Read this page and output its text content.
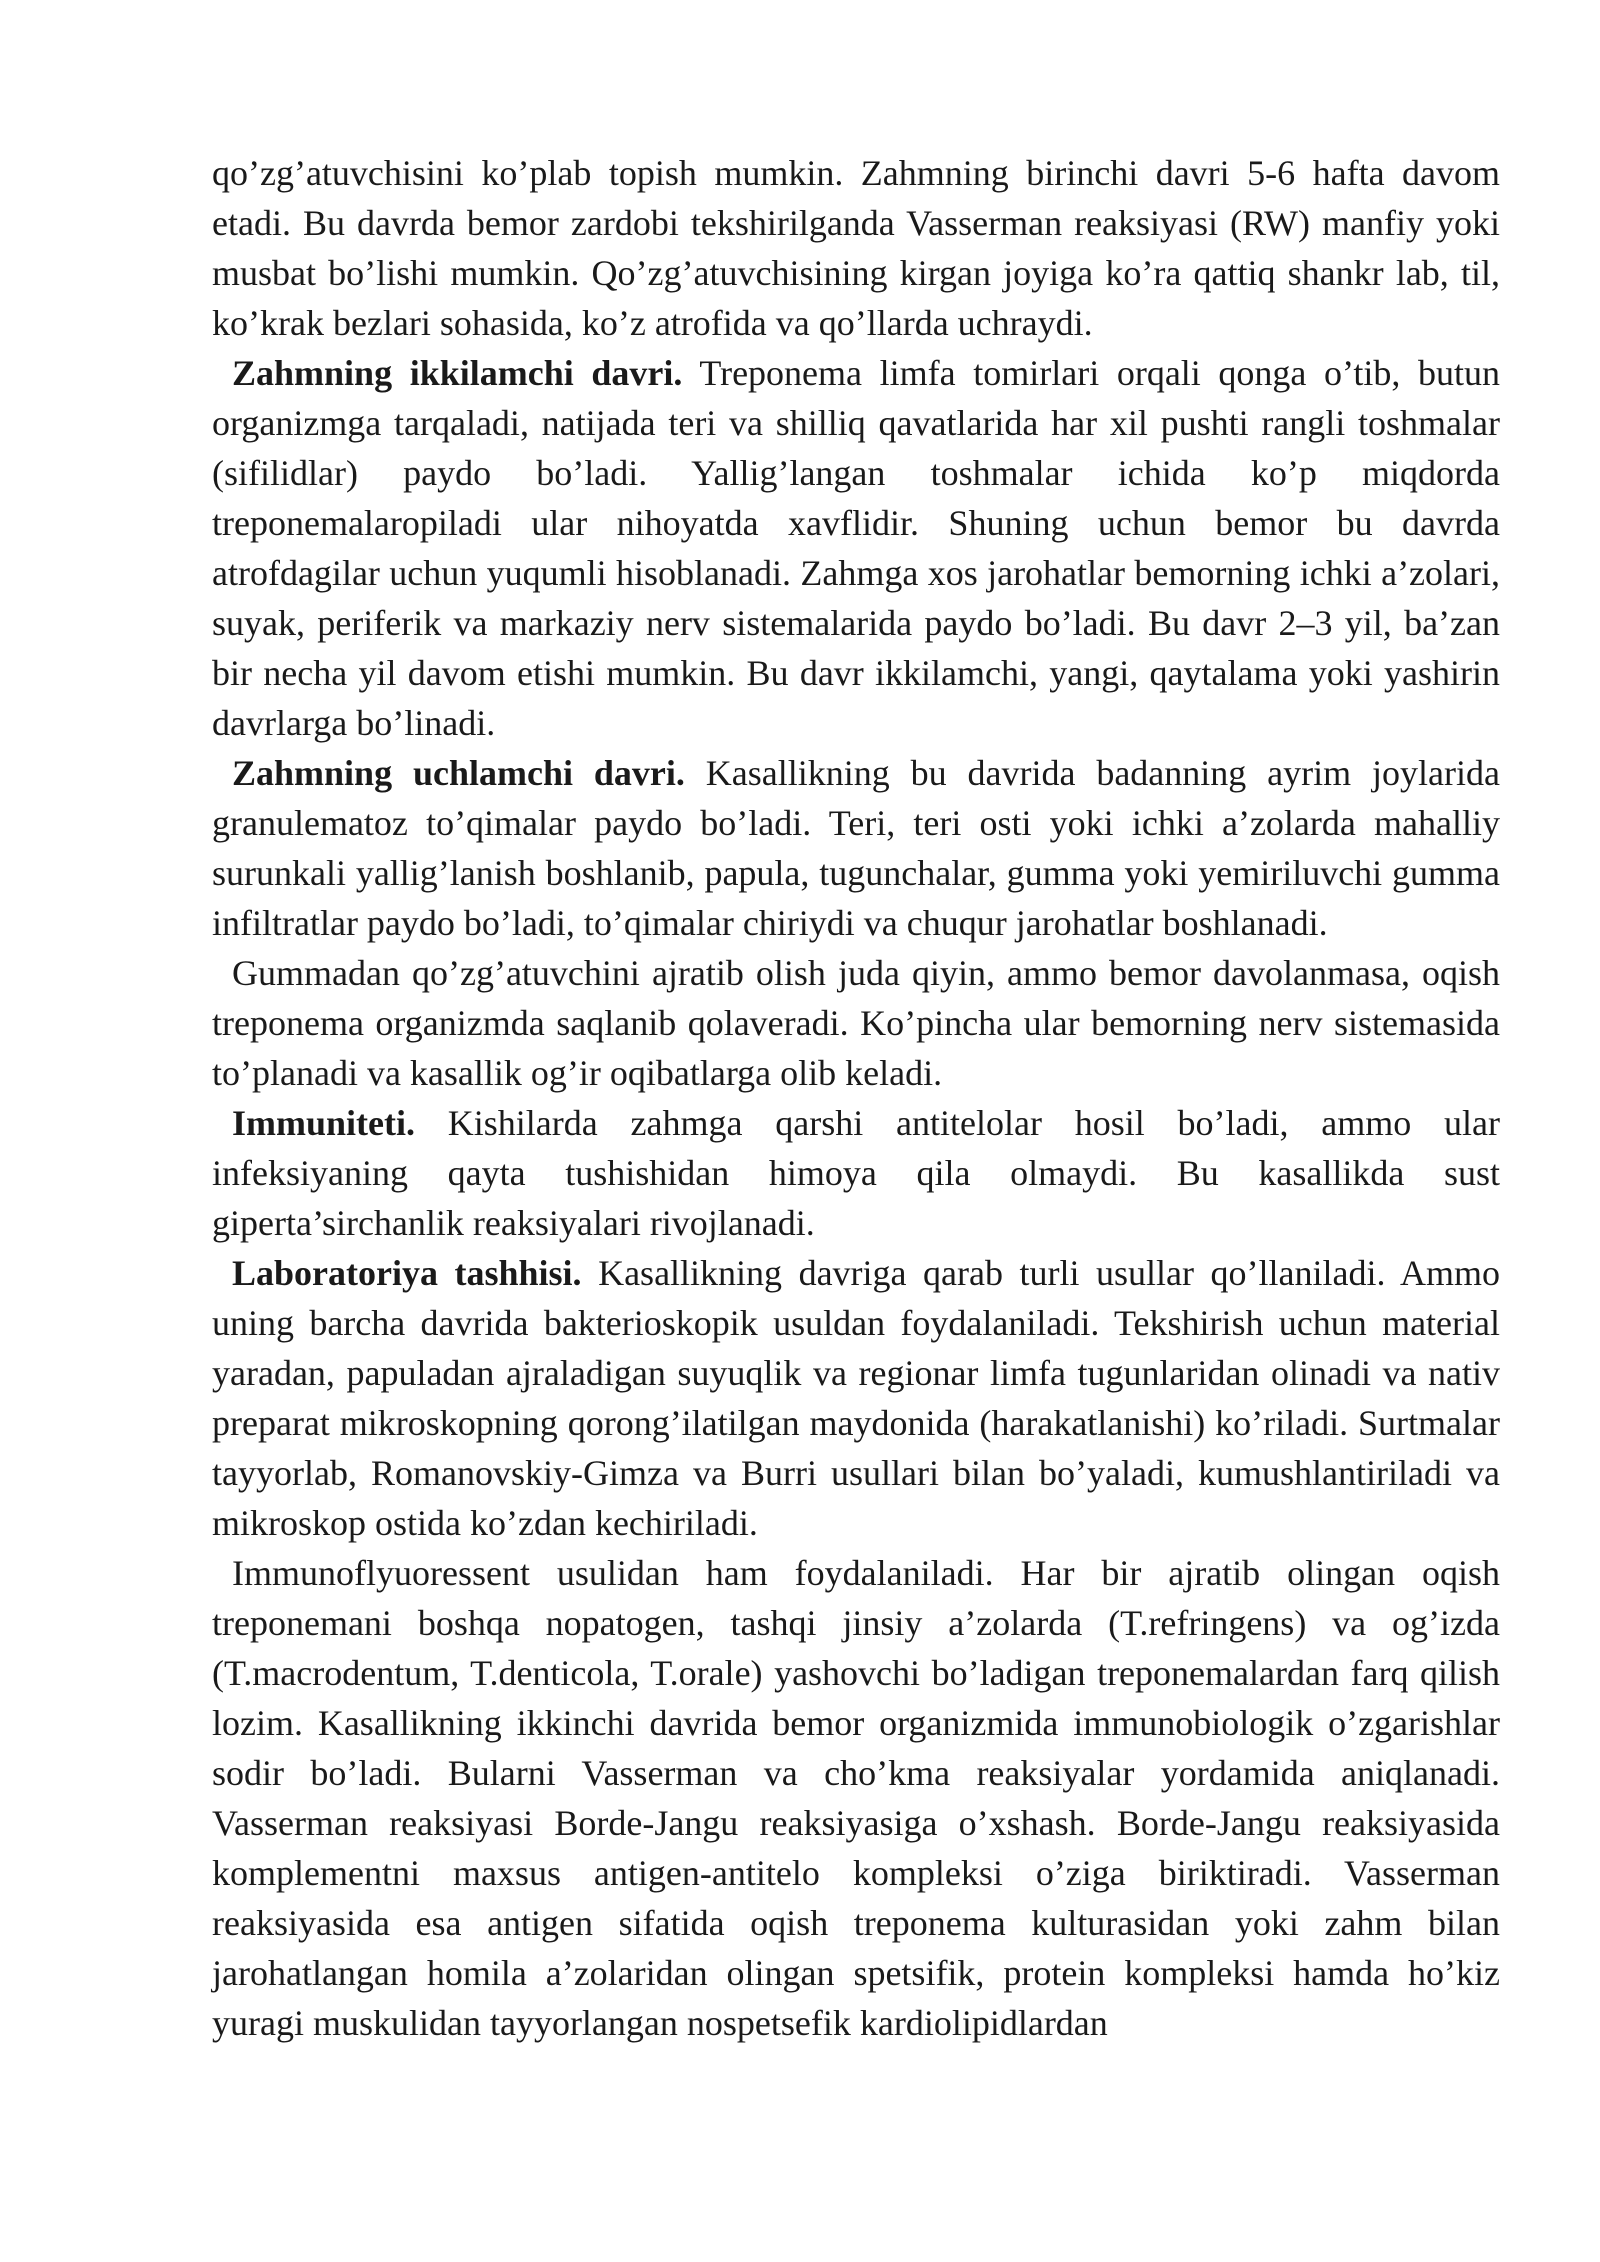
qo’zg’atuvchisini ko’plab topish mumkin. Zahmning birinchi davri 5-6 hafta davom etadi. Bu davrda bemor zardobi tekshirilganda Vasserman reaksiyasi (RW) manfiy yoki musbat bo’lishi mumkin. Qo’zg’atuvchisining kirgan joyiga ko’ra qattiq shankr lab, til, ko’krak bezlari sohasida, ko’z atrofida va qo’llarda uchraydi.

Zahmning ikkilamchi davri. Treponema limfa tomirlari orqali qonga o’tib, butun organizmga tarqaladi, natijada teri va shilliq qavatlarida har xil pushti rangli toshmalar (sifilidlar) paydo bo’ladi. Yallig’langan toshmalar ichida ko’p miqdorda treponemalaropiladi ular nihoyatda xavflidir. Shuning uchun bemor bu davrda atrofdagilar uchun yuqumli hisoblanadi. Zahmga xos jarohatlar bemorning ichki a’zolari, suyak, periferik va markaziy nerv sistemalarida paydo bo’ladi. Bu davr 2–3 yil, ba’zan bir necha yil davom etishi mumkin. Bu davr ikkilamchi, yangi, qaytalama yoki yashirin davrlarga bo’linadi.

Zahmning uchlamchi davri. Kasallikning bu davrida badanning ayrim joylarida granulematoz to’qimalar paydo bo’ladi. Teri, teri osti yoki ichki a’zolarda mahalliy surunkali yallig’lanish boshlanib, papula, tugunchalar, gumma yoki yemiriluvchi gumma infiltratlar paydo bo’ladi, to’qimalar chiriydi va chuqur jarohatlar boshlanadi.

Gummadan qo’zg’atuvchini ajratib olish juda qiyin, ammo bemor davolanmasa, oqish treponema organizmda saqlanib qolaveradi. Ko’pincha ular bemorning nerv sistemasida to’planadi va kasallik og’ir oqibatlarga olib keladi.

Immuniteti. Kishilarda zahmga qarshi antitelolar hosil bo’ladi, ammo ular infeksiyaning qayta tushishidan himoya qila olmaydi. Bu kasallikda sust giperta’sirchanlik reaksiyalari rivojlanadi.

Laboratoriya tashhisi. Kasallikning davriga qarab turli usullar qo’llaniladi. Ammo uning barcha davrida bakterioskopik usuldan foydalaniladi. Tekshirish uchun material yaradan, papuladan ajraladigan suyuqlik va regionar limfa tugunlaridan olinadi va nativ preparat mikroskopning qorong’ilatilgan maydonida (harakatlanishi) ko’riladi. Surtmalar tayyorlab, Romanovskiy-Gimza va Burri usullari bilan bo’yaladi, kumushlantiriladi va mikroskop ostida ko’zdan kechiriladi.

Immunoflyuoressent usulidan ham foydalaniladi. Har bir ajratib olingan oqish treponemani boshqa nopatogen, tashqi jinsiy a’zolarda (T.refringens) va og’izda (T.macrodentum, T.denticola, T.orale) yashovchi bo’ladigan treponemalardan farq qilish lozim. Kasallikning ikkinchi davrida bemor organizmida immunobiologik o’zgarishlar sodir bo’ladi. Bularni Vasserman va cho’kma reaksiyalar yordamida aniqlanadi. Vasserman reaksiyasi Borde-Jangu reaksiyasiga o’xshash. Borde-Jangu reaksiyasida komplementni maxsus antigen-antitelo kompleksi o’ziga biriktiradi. Vasserman reaksiyasida esa antigen sifatida oqish treponema kulturasidan yoki zahm bilan jarohatlangan homila a’zolaridan olingan spetsifik, protein kompleksi hamda ho’kiz yuragi muskulidan tayyorlangan nospetsefik kardiolipidlardan
